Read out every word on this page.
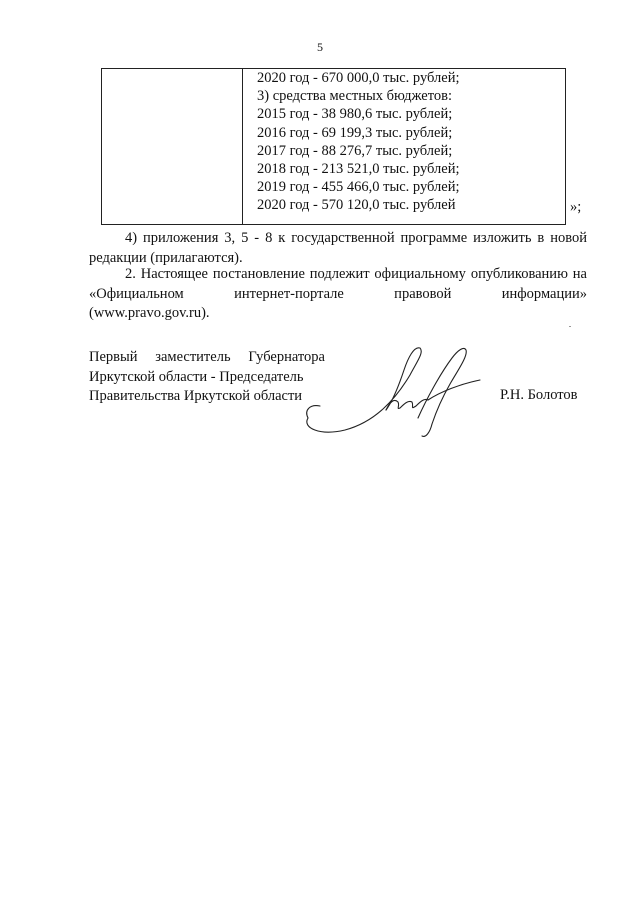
5
2020 год - 670 000,0 тыс. рублей;
3) средства местных бюджетов:
2015 год - 38 980,6 тыс. рублей;
2016 год - 69 199,3 тыс. рублей;
2017 год - 88 276,7 тыс. рублей;
2018 год - 213 521,0 тыс. рублей;
2019 год - 455 466,0 тыс. рублей;
2020 год - 570 120,0 тыс. рублей	»;
4) приложения 3, 5 - 8 к государственной программе изложить в новой редакции (прилагаются).
2. Настоящее постановление подлежит официальному опубликованию на «Официальном интернет-портале правовой информации»
(www.pravo.gov.ru).
Первый заместитель Губернатора
Иркутской области - Председатель
Правительства Иркутской области	Р.Н. Болотов
